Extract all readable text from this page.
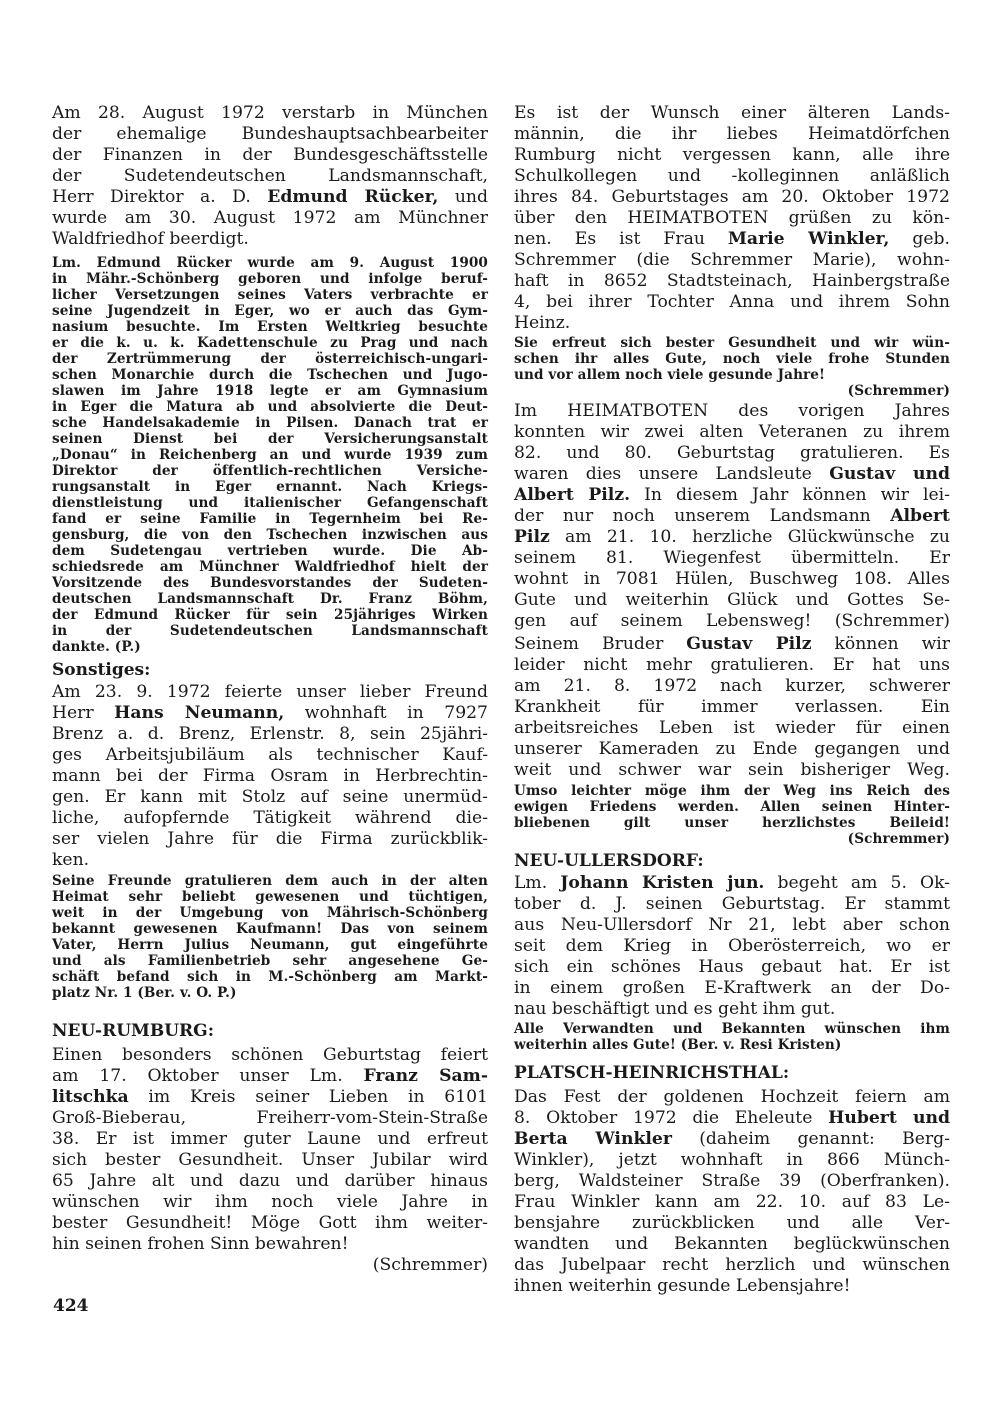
Am 28. August 1972 verstarb in München
der ehemalige Bundeshauptsachbearbeiter
der Finanzen in der Bundesgeschäftsstelle
der Sudetendeutschen Landsmannschaft,
Herr Direktor a. D. Edmund Rücker, und
wurde am 30. August 1972 am Münchner
Waldfriedhof beerdigt.
Lm. Edmund Rücker wurde am 9. August 1900
in Mähr.-Schönberg geboren und infolge beruf-
licher Versetzungen seines Vaters verbrachte er
seine Jugendzeit in Eger, wo er auch das Gym-
nasium besuchte. Im Ersten Weltkrieg besuchte
er die k. u. k. Kadettenschule zu Prag und nach
der Zertrümmerung der österreichisch-ungari-
schen Monarchie durch die Tschechen und Jugo-
slawen im Jahre 1918 legte er am Gymnasium
in Eger die Matura ab und absolvierte die Deut-
sche Handelsakademie in Pilsen. Danach trat er
seinen Dienst bei der Versicherungsanstalt
„Donau“ in Reichenberg an und wurde 1939 zum
Direktor der öffentlich-rechtlichen Versiche-
rungsanstalt in Eger ernannt. Nach Kriegs-
dienstleistung und italienischer Gefangenschaft
fand er seine Familie in Tegernheim bei Re-
gensburg, die von den Tschechen inzwischen aus
dem Sudetengau vertrieben wurde. Die Ab-
schiedsrede am Münchner Waldfriedhof hielt der
Vorsitzende des Bundesvorstandes der Sudeten-
deutschen Landsmannschaft Dr. Franz Böhm,
der Edmund Rücker für sein 25jähriges Wirken
in der Sudetendeutschen Landsmannschaft
dankte. (P.)
Sonstiges:
Am 23. 9. 1972 feierte unser lieber Freund
Herr Hans Neumann, wohnhaft in 7927
Brenz a. d. Brenz, Erlenstr. 8, sein 25jähri-
ges Arbeitsjubiläum als technischer Kauf-
mann bei der Firma Osram in Herbrechtin-
gen. Er kann mit Stolz auf seine unermüd-
liche, aufopfernde Tätigkeit während die-
ser vielen Jahre für die Firma zurückblik-
ken.
Seine Freunde gratulieren dem auch in der alten
Heimat sehr beliebt gewesenen und tüchtigen,
weit in der Umgebung von Mährisch-Schönberg
bekannt gewesenen Kaufmann! Das von seinem
Vater, Herrn Julius Neumann, gut eingeführte
und als Familienbetrieb sehr angesehene Ge-
schäft befand sich in M.-Schönberg am Markt-
platz Nr. 1 (Ber. v. O. P.)
NEU-RUMBURG:
Einen besonders schönen Geburtstag feiert
am 17. Oktober unser Lm. Franz Sam-
litschka im Kreis seiner Lieben in 6101
Groß-Bieberau, Freiherr-vom-Stein-Straße
38. Er ist immer guter Laune und erfreut
sich bester Gesundheit. Unser Jubilar wird
65 Jahre alt und dazu und darüber hinaus
wünschen wir ihm noch viele Jahre in
bester Gesundheit! Möge Gott ihm weiter-
hin seinen frohen Sinn bewahren!
(Schremmer)
Es ist der Wunsch einer älteren Lands-
männin, die ihr liebes Heimatdörfchen
Rumburg nicht vergessen kann, alle ihre
Schulkollegen und -kolleginnen anläßlich
ihres 84. Geburtstages am 20. Oktober 1972
über den HEIMATBOTEN grüßen zu kön-
nen. Es ist Frau Marie Winkler, geb.
Schremmer (die Schremmer Marie), wohn-
haft in 8652 Stadtsteinach, Hainbergstraße
4, bei ihrer Tochter Anna und ihrem Sohn
Heinz.
Sie erfreut sich bester Gesundheit und wir wün-
schen ihr alles Gute, noch viele frohe Stunden
und vor allem noch viele gesunde Jahre!
(Schremmer)
Im HEIMATBOTEN des vorigen Jahres
konnten wir zwei alten Veteranen zu ihrem
82. und 80. Geburtstag gratulieren. Es
waren dies unsere Landsleute Gustav und
Albert Pilz. In diesem Jahr können wir lei-
der nur noch unserem Landsmann Albert
Pilz am 21. 10. herzliche Glückwünsche zu
seinem 81. Wiegenfest übermitteln. Er
wohnt in 7081 Hülen, Buschweg 108. Alles
Gute und weiterhin Glück und Gottes Se-
gen auf seinem Lebensweg! (Schremmer)
Seinem Bruder Gustav Pilz können wir
leider nicht mehr gratulieren. Er hat uns
am 21. 8. 1972 nach kurzer, schwerer
Krankheit für immer verlassen. Ein
arbeitsreiches Leben ist wieder für einen
unserer Kameraden zu Ende gegangen und
weit und schwer war sein bisheriger Weg.
Umso leichter möge ihm der Weg ins Reich des
ewigen Friedens werden. Allen seinen Hinter-
bliebenen gilt unser herzlichstes Beileid!
(Schremmer)
NEU-ULLERSDORF:
Lm. Johann Kristen jun. begeht am 5. Ok-
tober d. J. seinen Geburtstag. Er stammt
aus Neu-Ullersdorf Nr 21, lebt aber schon
seit dem Krieg in Oberösterreich, wo er
sich ein schönes Haus gebaut hat. Er ist
in einem großen E-Kraftwerk an der Do-
nau beschäftigt und es geht ihm gut.
Alle Verwandten und Bekannten wünschen ihm
weiterhin alles Gute! (Ber. v. Resi Kristen)
PLATSCH-HEINRICHSTHAL:
Das Fest der goldenen Hochzeit feiern am
8. Oktober 1972 die Eheleute Hubert und
Berta Winkler (daheim genannt: Berg-
Winkler), jetzt wohnhaft in 866 Münch-
berg, Waldsteiner Straße 39 (Oberfranken).
Frau Winkler kann am 22. 10. auf 83 Le-
bensjahre zurückblicken und alle Ver-
wandten und Bekannten beglückwünschen
das Jubelpaar recht herzlich und wünschen
ihnen weiterhin gesunde Lebensjahre!
424
